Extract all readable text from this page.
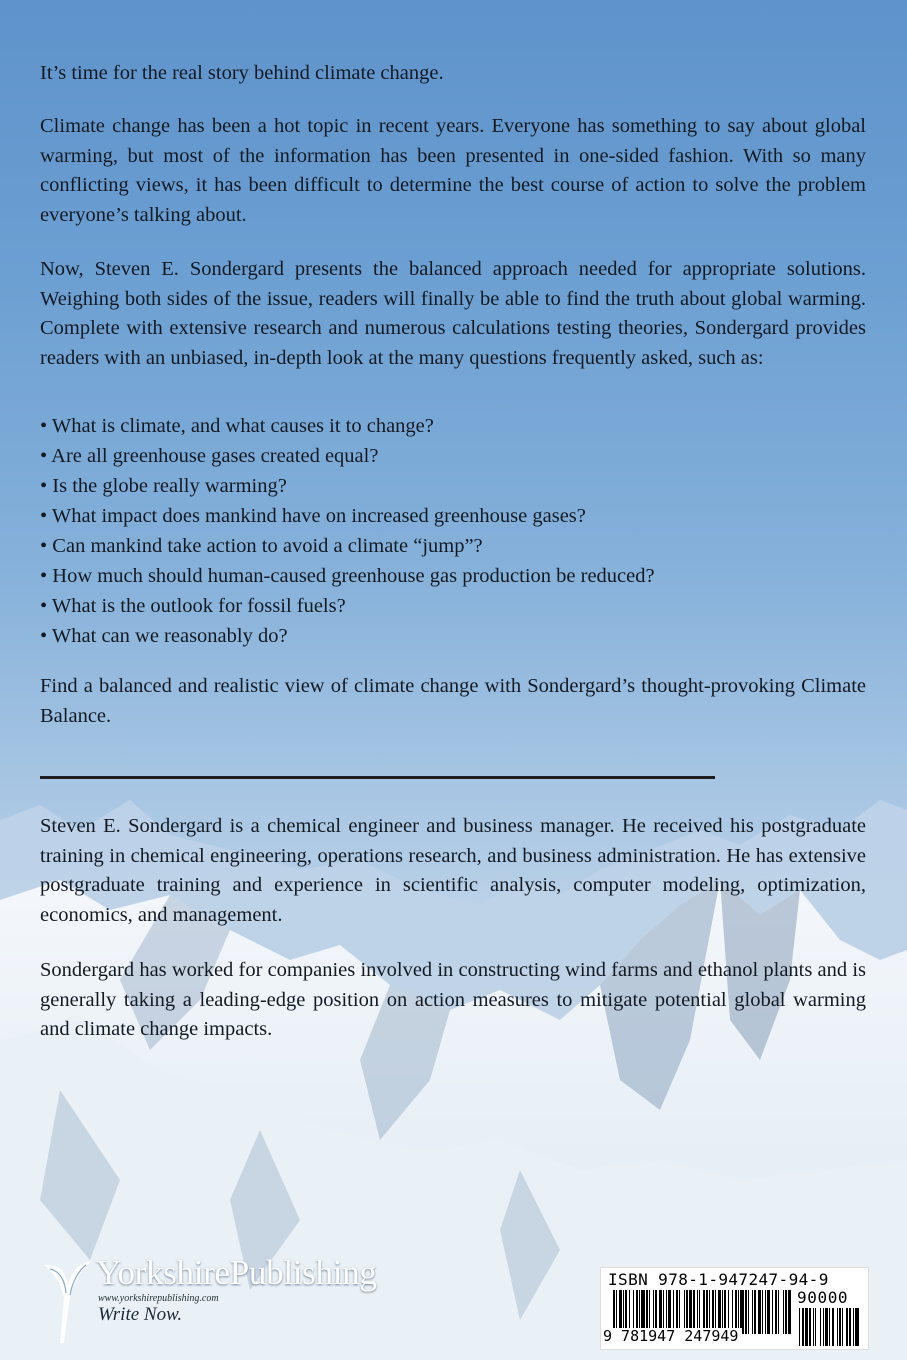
It’s time for the real story behind climate change.

Climate change has been a hot topic in recent years. Everyone has something to say about global warming, but most of the information has been presented in one-sided fashion. With so many conflicting views, it has been difficult to determine the best course of action to solve the problem everyone’s talking about.

Now, Steven E. Sondergard presents the balanced approach needed for appropriate solutions. Weighing both sides of the issue, readers will finally be able to find the truth about global warming. Complete with extensive research and numerous calculations testing theories, Sondergard provides readers with an unbiased, in-depth look at the many questions frequently asked, such as:

• What is climate, and what causes it to change?
• Are all greenhouse gases created equal?
• Is the globe really warming?
• What impact does mankind have on increased greenhouse gases?
• Can mankind take action to avoid a climate “jump”?
• How much should human-caused greenhouse gas production be reduced?
• What is the outlook for fossil fuels?
• What can we reasonably do?

Find a balanced and realistic view of climate change with Sondergard’s thought-provoking Climate Balance.

Steven E. Sondergard is a chemical engineer and business manager. He received his postgraduate training in chemical engineering, operations research, and business administration. He has extensive postgraduate training and experience in scientific analysis, computer modeling, optimization, economics, and management.

Sondergard has worked for companies involved in constructing wind farms and ethanol plants and is generally taking a leading-edge position on action measures to mitigate potential global warming and climate change impacts.

YorkshirePublishing
www.yorkshirepublishing.com
Write Now.
ISBN 978-1-947247-94-9
90000
9 781947 247949
